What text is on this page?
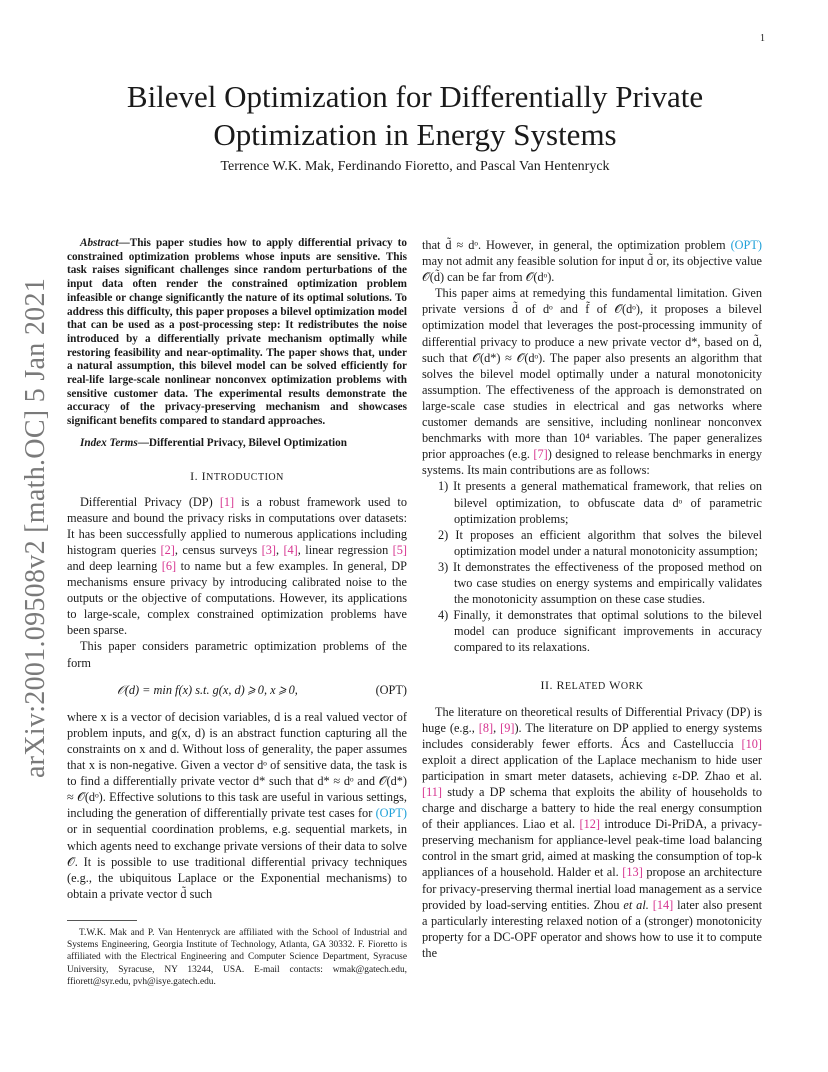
1
arXiv:2001.09508v2 [math.OC] 5 Jan 2021
Bilevel Optimization for Differentially Private
Optimization in Energy Systems
Terrence W.K. Mak, Ferdinando Fioretto, and Pascal Van Hentenryck

Abstract—This paper studies how to apply differential privacy to constrained optimization problems whose inputs are sensitive. This task raises significant challenges since random perturbations of the input data often render the constrained optimization problem infeasible or change significantly the nature of its optimal solutions. To address this difficulty, this paper proposes a bilevel optimization model that can be used as a post-processing step: It redistributes the noise introduced by a differentially private mechanism optimally while restoring feasibility and near-optimality. The paper shows that, under a natural assumption, this bilevel model can be solved efficiently for real-life large-scale nonlinear nonconvex optimization problems with sensitive customer data. The experimental results demonstrate the accuracy of the privacy-preserving mechanism and showcases significant benefits compared to standard approaches.

Index Terms—Differential Privacy, Bilevel Optimization

I. INTRODUCTION

Differential Privacy (DP) [1] is a robust framework used to measure and bound the privacy risks in computations over datasets: It has been successfully applied to numerous applications including histogram queries [2], census surveys [3], [4], linear regression [5] and deep learning [6] to name but a few examples. In general, DP mechanisms ensure privacy by introducing calibrated noise to the outputs or the objective of computations. However, its applications to large-scale, complex constrained optimization problems have been sparse.

This paper considers parametric optimization problems of the form

𝒪(d) = min f(x) s.t. g(x, d) ⩾ 0, x ⩾ 0,	(OPT)

where x is a vector of decision variables, d is a real valued vector of problem inputs, and g(x, d) is an abstract function capturing all the constraints on x and d. Without loss of generality, the paper assumes that x is non-negative. Given a vector dᵒ of sensitive data, the task is to find a differentially private vector d* such that d* ≈ dᵒ and 𝒪(d*) ≈ 𝒪(dᵒ). Effective solutions to this task are useful in various settings, including the generation of differentially private test cases for (OPT) or in sequential coordination problems, e.g. sequential markets, in which agents need to exchange private versions of their data to solve 𝒪. It is possible to use traditional differential privacy techniques (e.g., the ubiquitous Laplace or the Exponential mechanisms) to obtain a private vector d̃ such

T.W.K. Mak and P. Van Hentenryck are affiliated with the School of Industrial and Systems Engineering, Georgia Institute of Technology, Atlanta, GA 30332. F. Fioretto is affiliated with the Electrical Engineering and Computer Science Department, Syracuse University, Syracuse, NY 13244, USA. E-mail contacts: wmak@gatech.edu, ffiorett@syr.edu, pvh@isye.gatech.edu.

that d̃ ≈ dᵒ. However, in general, the optimization problem (OPT) may not admit any feasible solution for input d̃ or, its objective value 𝒪(d̃) can be far from 𝒪(dᵒ).

This paper aims at remedying this fundamental limitation. Given private versions d̃ of dᵒ and f̃ of 𝒪(dᵒ), it proposes a bilevel optimization model that leverages the post-processing immunity of differential privacy to produce a new private vector d*, based on d̃, such that 𝒪(d*) ≈ 𝒪(dᵒ). The paper also presents an algorithm that solves the bilevel model optimally under a natural monotonicity assumption. The effectiveness of the approach is demonstrated on large-scale case studies in electrical and gas networks where customer demands are sensitive, including nonlinear nonconvex benchmarks with more than 10⁴ variables. The paper generalizes prior approaches (e.g. [7]) designed to release benchmarks in energy systems. Its main contributions are as follows:

1) It presents a general mathematical framework, that relies on bilevel optimization, to obfuscate data dᵒ of parametric optimization problems;

2) It proposes an efficient algorithm that solves the bilevel optimization model under a natural monotonicity assumption;

3) It demonstrates the effectiveness of the proposed method on two case studies on energy systems and empirically validates the monotonicity assumption on these case studies.

4) Finally, it demonstrates that optimal solutions to the bilevel model can produce significant improvements in accuracy compared to its relaxations.

II. RELATED WORK

The literature on theoretical results of Differential Privacy (DP) is huge (e.g., [8], [9]). The literature on DP applied to energy systems includes considerably fewer efforts. Ács and Castelluccia [10] exploit a direct application of the Laplace mechanism to hide user participation in smart meter datasets, achieving ε-DP. Zhao et al. [11] study a DP schema that exploits the ability of households to charge and discharge a battery to hide the real energy consumption of their appliances. Liao et al. [12] introduce Di-PriDA, a privacy-preserving mechanism for appliance-level peak-time load balancing control in the smart grid, aimed at masking the consumption of top-k appliances of a household. Halder et al. [13] propose an architecture for privacy-preserving thermal inertial load management as a service provided by load-serving entities. Zhou et al. [14] later also present a particularly interesting relaxed notion of a (stronger) monotonicity property for a DC-OPF operator and shows how to use it to compute the
